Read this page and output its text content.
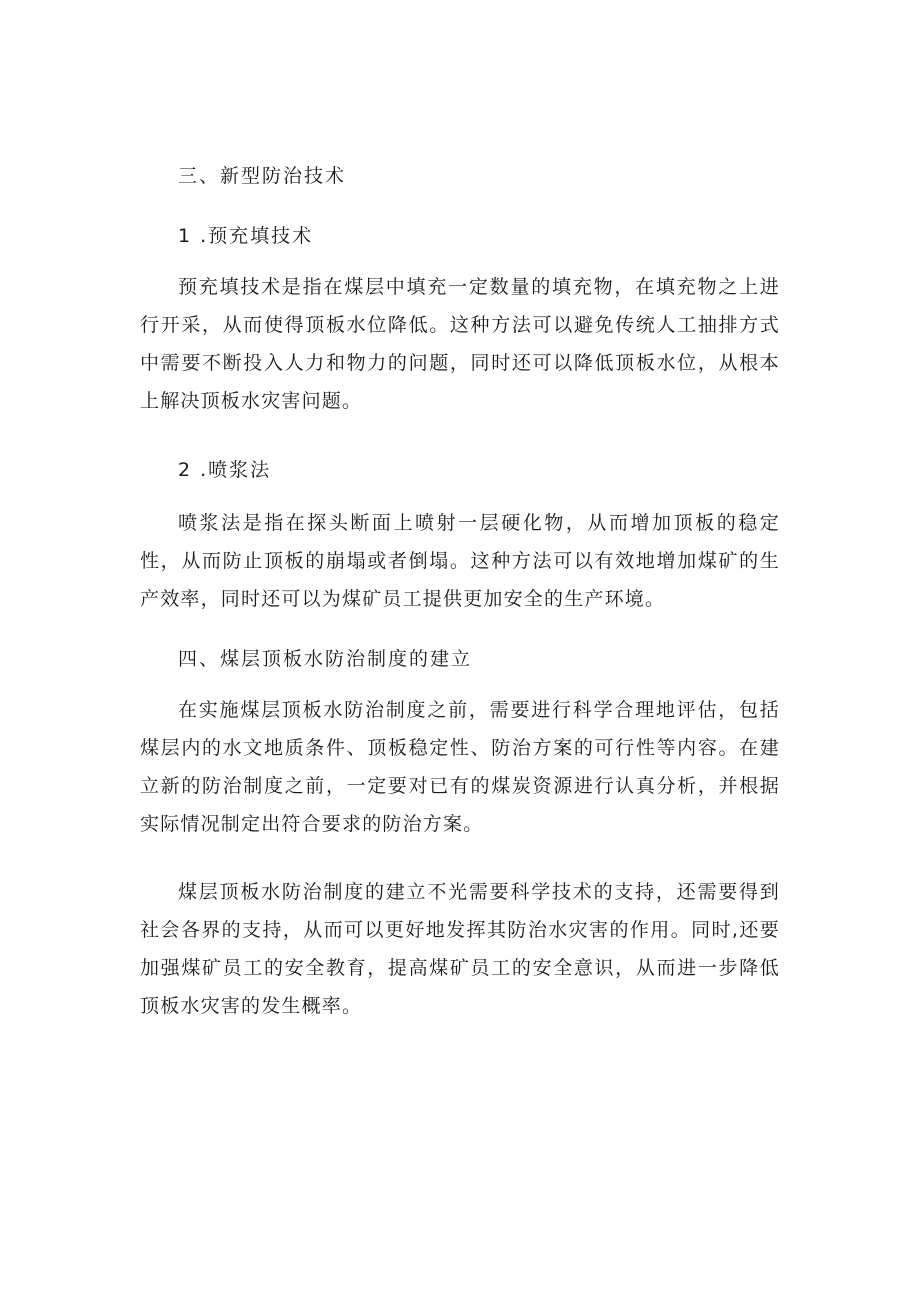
三、新型防治技术
1 .预充填技术

预充填技术是指在煤层中填充一定数量的填充物，在填充物之上进行开采，从而使得顶板水位降低。这种方法可以避免传统人工抽排方式中需要不断投入人力和物力的问题，同时还可以降低顶板水位，从根本上解决顶板水灾害问题。

2 .喷浆法

喷浆法是指在探头断面上喷射一层硬化物，从而增加顶板的稳定性，从而防止顶板的崩塌或者倒塌。这种方法可以有效地增加煤矿的生产效率，同时还可以为煤矿员工提供更加安全的生产环境。

四、煤层顶板水防治制度的建立

在实施煤层顶板水防治制度之前，需要进行科学合理地评估，包括煤层内的水文地质条件、顶板稳定性、防治方案的可行性等内容。在建立新的防治制度之前，一定要对已有的煤炭资源进行认真分析，并根据实际情况制定出符合要求的防治方案。

煤层顶板水防治制度的建立不光需要科学技术的支持，还需要得到社会各界的支持，从而可以更好地发挥其防治水灾害的作用。同时,还要加强煤矿员工的安全教育，提高煤矿员工的安全意识，从而进一步降低顶板水灾害的发生概率。
